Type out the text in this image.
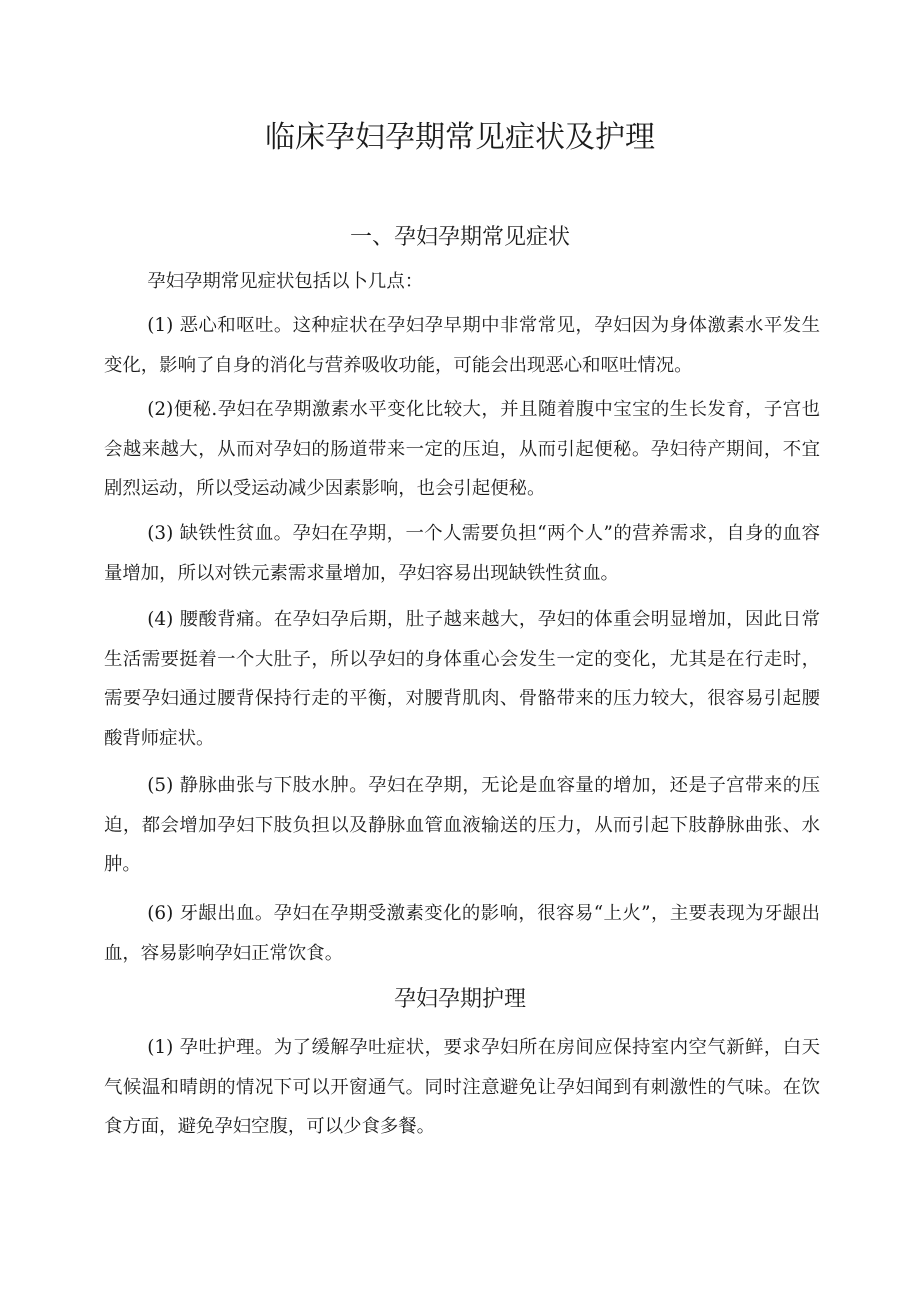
临床孕妇孕期常见症状及护理
一、孕妇孕期常见症状

孕妇孕期常见症状包括以卜几点：

(1) 恶心和呕吐。这种症状在孕妇孕早期中非常常见，孕妇因为身体激素水平发生变化，影响了自身的消化与营养吸收功能，可能会出现恶心和呕吐情况。

(2)便秘.孕妇在孕期激素水平变化比较大，并且随着腹中宝宝的生长发育，子宫也会越来越大，从而对孕妇的肠道带来一定的压迫，从而引起便秘。孕妇待产期间，不宜剧烈运动，所以受运动减少因素影响，也会引起便秘。

(3) 缺铁性贫血。孕妇在孕期，一个人需要负担“两个人”的营养需求，自身的血容量增加，所以对铁元素需求量增加，孕妇容易出现缺铁性贫血。

(4) 腰酸背痛。在孕妇孕后期，肚子越来越大，孕妇的体重会明显增加，因此日常生活需要挺着一个大肚子，所以孕妇的身体重心会发生一定的变化，尤其是在行走时，需要孕妇通过腰背保持行走的平衡，对腰背肌肉、骨骼带来的压力较大，很容易引起腰酸背师症状。

(5) 静脉曲张与下肢水肿。孕妇在孕期，无论是血容量的增加，还是子宫带来的压迫，都会增加孕妇下肢负担以及静脉血管血液输送的压力，从而引起下肢静脉曲张、水肿。

(6) 牙龈出血。孕妇在孕期受激素变化的影响，很容易“上火”，主要表现为牙龈出血，容易影响孕妇正常饮食。

孕妇孕期护理

(1) 孕吐护理。为了缓解孕吐症状，要求孕妇所在房间应保持室内空气新鲜，白天气候温和晴朗的情况下可以开窗通气。同时注意避免让孕妇闻到有刺激性的气味。在饮食方面，避免孕妇空腹，可以少食多餐。
